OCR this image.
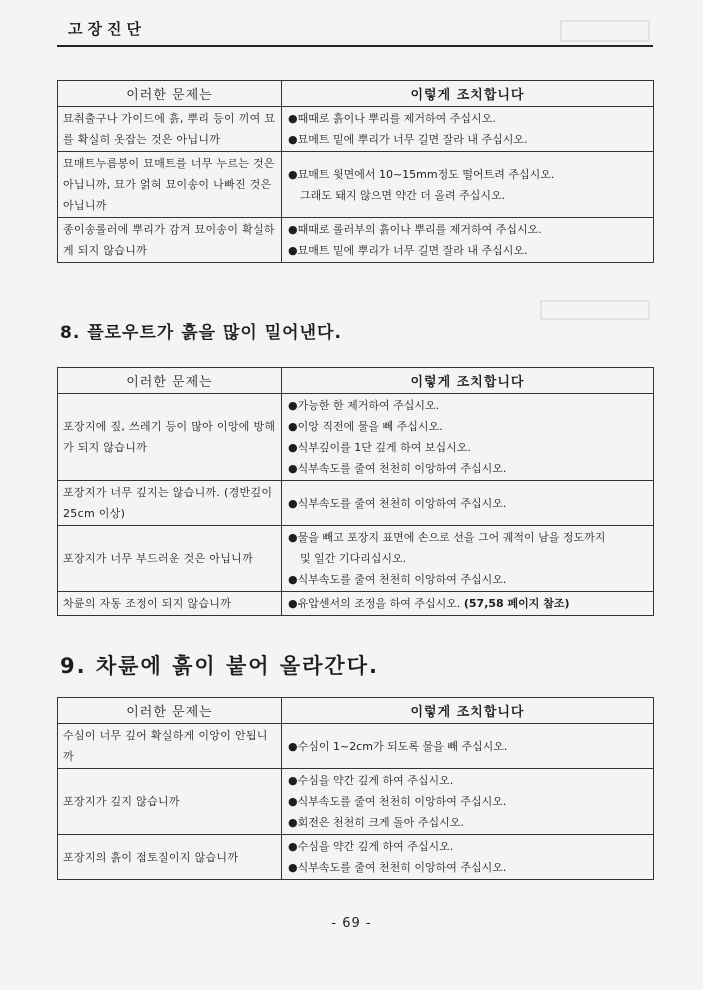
고장진단
이러한 문제는	이렇게 조치합니다
묘취출구나 가이드에 흙, 뿌리 등이 끼여 묘를 확실히 옷잡는 것은 아닙니까	●때때로 흙이나 뿌리를 제거하여 주십시오.
●묘메트 밑에 뿌리가 너무 길면 잘라 내 주십시오.

묘매트누름봉이 묘매트를 너무 누르는 것은 아닙니까, 묘가 얽혀 묘이송이 나빠진 것은 아닙니까	●묘매트 윗면에서 10~15mm정도 떨어트려 주십시오.
그래도 돼지 않으면 약간 더 올려 주십시오.

종이송롤러에 뿌리가 감겨 묘이송이 확실하게 되지 않습니까	●때때로 롤러부의 흙이나 뿌리를 제거하여 주십시오.
●묘매트 밑에 뿌리가 너무 길면 잘라 내 주십시오.
8. 플로우트가 흙을 많이 밀어낸다.
이러한 문제는	이렇게 조치합니다
포장지에 짚, 쓰레기 등이 많아 이앙에 방해가 되지 않습니까	●가능한 한 제거하여 주십시오.
●이앙 직전에 물을 뻬 주십시오.
●식부깊이를 1단 깊게 하여 보십시오.
●식부속도를 줄여 천천히 이앙하여 주십시오.

포장지가 너무 깊지는 않습니까. (경반깊이 25cm 이상)	●식부속도를 줄여 천천히 이앙하여 주십시오.

포장지가 너무 부드러운 것은 아닙니까	●물을 빼고 포장지 표면에 손으로 선을 그어 궤적이 남을 정도까지
및 일간 기다리십시오.
●식부속도를 줄여 천천히 이앙하여 주십시오.

차륜의 자동 조정이 되지 않습니까	●유압센서의 조정을 하여 주십시오. (57,58 페이지 참조)
9. 차륜에 흙이 붙어 올라간다.
이러한 문제는	이렇게 조치합니다
수심이 너무 깊어 확실하게 이앙이 안됩니까	●수심이 1~2cm가 되도록 물을 빼 주십시오.

포장지가 깊지 않습니까	●수심을 약간 깊게 하여 주십시오.
●식부속도를 줄여 천천히 이앙하여 주십시오.
●회전은 천천히 크게 돌아 주십시오.

포장지의 흙이 점토질이지 않습니까	●수심을 약간 깊게 하여 주십시오.
●식부속도를 줄여 천천히 이앙하여 주십시오.
- 69 -
